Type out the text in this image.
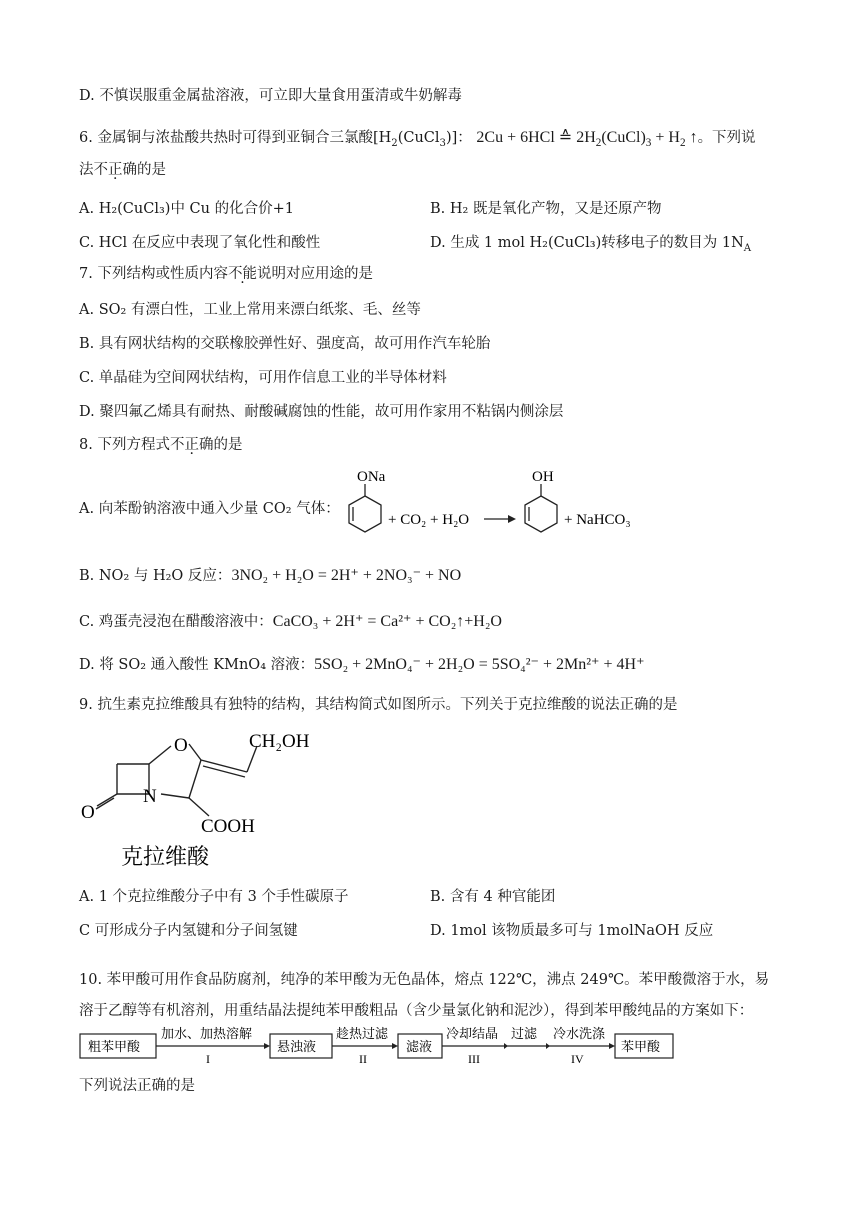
D. 不慎误服重金属盐溶液，可立即大量食用蛋清或牛奶解毒
6. 金属铜与浓盐酸共热时可得到亚铜合三氯酸$[H_2(CuCl_3)]$： 2Cu + 6HCl ≙ $2H_2(CuCl)_3 + H_2$ ↑。下列说
法不正确的是
A. H₂(CuCl₃)中 Cu 的化合价+1	B. H₂ 既是氧化产物，又是还原产物
C. HCl 在反应中表现了氧化性和酸性	D. 生成 1 mol H₂(CuCl₃)转移电子的数目为 $1N_A$
7. 下列结构或性质内容不能说明对应用途的是
A. SO₂ 有漂白性，工业上常用来漂白纸浆、毛、丝等
B. 具有网状结构的交联橡胶弹性好、强度高，故可用作汽车轮胎
C. 单晶硅为空间网状结构，可用作信息工业的半导体材料
D. 聚四氟乙烯具有耐热、耐酸碱腐蚀的性能，故可用作家用不粘锅内侧涂层
8. 下列方程式不正确的是
A. 向苯酚钠溶液中通入少量 CO₂ 气体：
ONa
+ CO₂ + H₂O
OH
+ NaHCO₃
B. NO₂ 与 H₂O 反应：3NO₂ + H₂O = 2H⁺ + 2NO₃⁻ + NO
C. 鸡蛋壳浸泡在醋酸溶液中：CaCO₃ + 2H⁺ = Ca²⁺ + CO₂↑+H₂O
D. 将 SO₂ 通入酸性 KMnO₄ 溶液：5SO₂ + 2MnO₄⁻ + 2H₂O = 5SO₄²⁻ + 2Mn²⁺ + 4H⁺
9. 抗生素克拉维酸具有独特的结构，其结构简式如图所示。下列关于克拉维酸的说法正确的是
O
N
O
CH₂OH
COOH
克拉维酸
A. 1 个克拉维酸分子中有 3 个手性碳原子	B. 含有 4 种官能团
C 可形成分子内氢键和分子间氢键	D. 1mol 该物质最多可与 1molNaOH 反应
10. 苯甲酸可用作食品防腐剂，纯净的苯甲酸为无色晶体，熔点 122℃，沸点 249℃。苯甲酸微溶于水，易
溶于乙醇等有机溶剂，用重结晶法提纯苯甲酸粗品（含少量氯化钠和泥沙），得到苯甲酸纯品的方案如下：
粗苯甲酸
加水、加热溶解
I
悬浊液
趁热过滤
II
滤液
冷却结晶
III
过滤 冷水洗涤
IV
苯甲酸
下列说法正确的是
